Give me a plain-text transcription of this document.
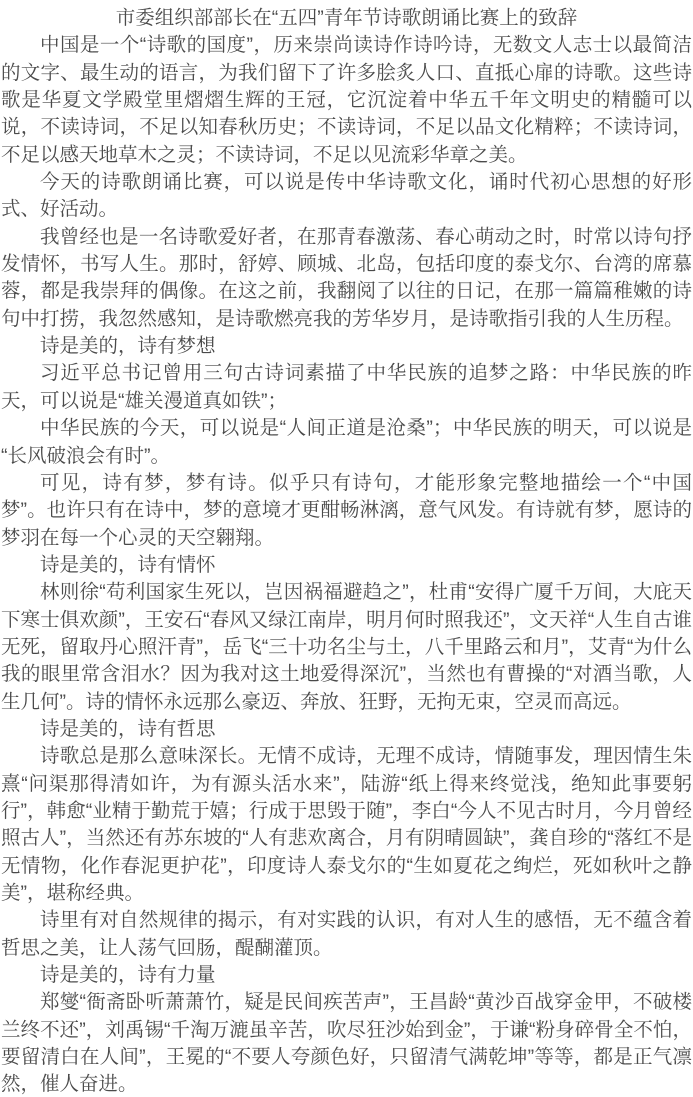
市委组织部部长在“五四”青年节诗歌朗诵比赛上的致辞

中国是一个“诗歌的国度”，历来崇尚读诗作诗吟诗，无数文人志士以最简洁的文字、最生动的语言，为我们留下了许多脍炙人口、直抵心扉的诗歌。这些诗歌是华夏文学殿堂里熠熠生辉的王冠，它沉淀着中华五千年文明史的精髓可以说，不读诗词，不足以知春秋历史；不读诗词，不足以品文化精粹；不读诗词，不足以感天地草木之灵；不读诗词，不足以见流彩华章之美。

今天的诗歌朗诵比赛，可以说是传中华诗歌文化，诵时代初心思想的好形式、好活动。

我曾经也是一名诗歌爱好者，在那青春激荡、春心萌动之时，时常以诗句抒发情怀，书写人生。那时，舒婷、顾城、北岛，包括印度的泰戈尔、台湾的席慕蓉，都是我崇拜的偶像。在这之前，我翻阅了以往的日记，在那一篇篇稚嫩的诗句中打捞，我忽然感知，是诗歌燃亮我的芳华岁月，是诗歌指引我的人生历程。

诗是美的，诗有梦想

习近平总书记曾用三句古诗词素描了中华民族的追梦之路：中华民族的昨天，可以说是“雄关漫道真如铁”；

中华民族的今天，可以说是“人间正道是沧桑”；中华民族的明天，可以说是“长风破浪会有时”。

可见，诗有梦，梦有诗。似乎只有诗句，才能形象完整地描绘一个“中国梦”。也许只有在诗中，梦的意境才更酣畅淋漓，意气风发。有诗就有梦，愿诗的梦羽在每一个心灵的天空翱翔。

诗是美的，诗有情怀

林则徐“苟利国家生死以，岂因祸福避趋之”，杜甫“安得广厦千万间，大庇天下寒士俱欢颜”，王安石“春风又绿江南岸，明月何时照我还”，文天祥“人生自古谁无死，留取丹心照汗青”，岳飞“三十功名尘与土，八千里路云和月”，艾青“为什么我的眼里常含泪水？因为我对这土地爱得深沉”，当然也有曹操的“对酒当歌，人生几何”。诗的情怀永远那么豪迈、奔放、狂野，无拘无束，空灵而高远。

诗是美的，诗有哲思

诗歌总是那么意味深长。无情不成诗，无理不成诗，情随事发，理因情生朱熹“问渠那得清如许，为有源头活水来”，陆游“纸上得来终觉浅，绝知此事要躬行”，韩愈“业精于勤荒于嬉；行成于思毁于随”，李白“今人不见古时月，今月曾经照古人”，当然还有苏东坡的“人有悲欢离合，月有阴晴圆缺”，龚自珍的“落红不是无情物，化作春泥更护花”，印度诗人泰戈尔的“生如夏花之绚烂，死如秋叶之静美”，堪称经典。

诗里有对自然规律的揭示，有对实践的认识，有对人生的感悟，无不蕴含着哲思之美，让人荡气回肠，醍醐灌顶。

诗是美的，诗有力量

郑燮“衙斋卧听萧萧竹，疑是民间疾苦声”，王昌龄“黄沙百战穿金甲，不破楼兰终不还”，刘禹锡“千淘万漉虽辛苦，吹尽狂沙始到金”，于谦“粉身碎骨全不怕，要留清白在人间”，王冕的“不要人夸颜色好，只留清气满乾坤”等等，都是正气凛然，催人奋进。
